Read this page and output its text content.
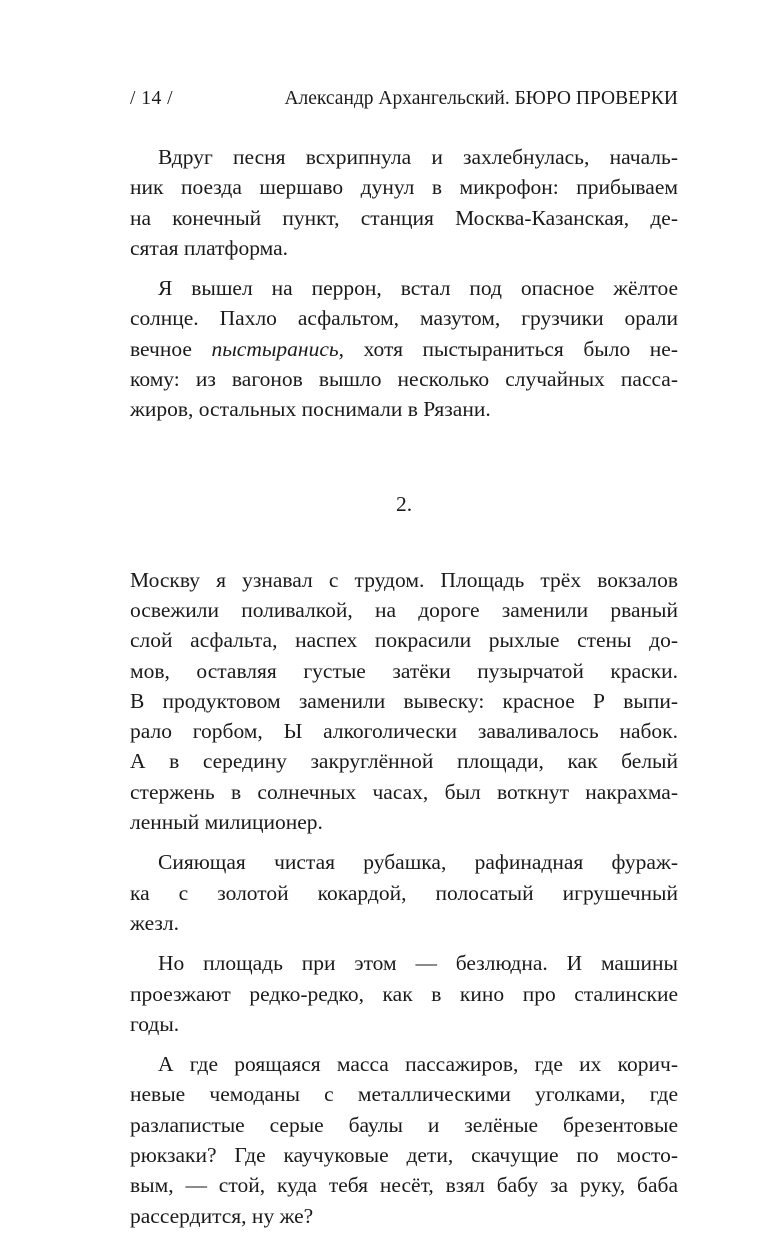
/ 14 /	Александр Архангельский. БЮРО ПРОВЕРКИ

Вдруг песня всхрипнула и захлебнулась, началь-
ник поезда шершаво дунул в микрофон: прибываем
на конечный пункт, станция Москва-Казанская, де-
сятая платформа.

Я вышел на перрон, встал под опасное жёлтое
солнце. Пахло асфальтом, мазутом, грузчики орали
вечное пыстыранись, хотя пыстыраниться было не-
кому: из вагонов вышло несколько случайных пасса-
жиров, остальных поснимали в Рязани.

2.

Москву я узнавал с трудом. Площадь трёх вокзалов
освежили поливалкой, на дороге заменили рваный
слой асфальта, наспех покрасили рыхлые стены до-
мов, оставляя густые затёки пузырчатой краски.
В продуктовом заменили вывеску: красное Р выпи-
рало горбом, Ы алкоголически заваливалось набок.
А в середину закруглённой площади, как белый
стержень в солнечных часах, был воткнут накрахма-
ленный милиционер.

Сияющая чистая рубашка, рафинадная фураж-
ка с золотой кокардой, полосатый игрушечный
жезл.

Но площадь при этом — безлюдна. И машины
проезжают редко-редко, как в кино про сталинские
годы.

А где роящаяся масса пассажиров, где их корич-
невые чемоданы с металлическими уголками, где
разлапистые серые баулы и зелёные брезентовые
рюкзаки? Где каучуковые дети, скачущие по мосто-
вым, — стой, куда тебя несёт, взял бабу за руку, баба
рассердится, ну же?
